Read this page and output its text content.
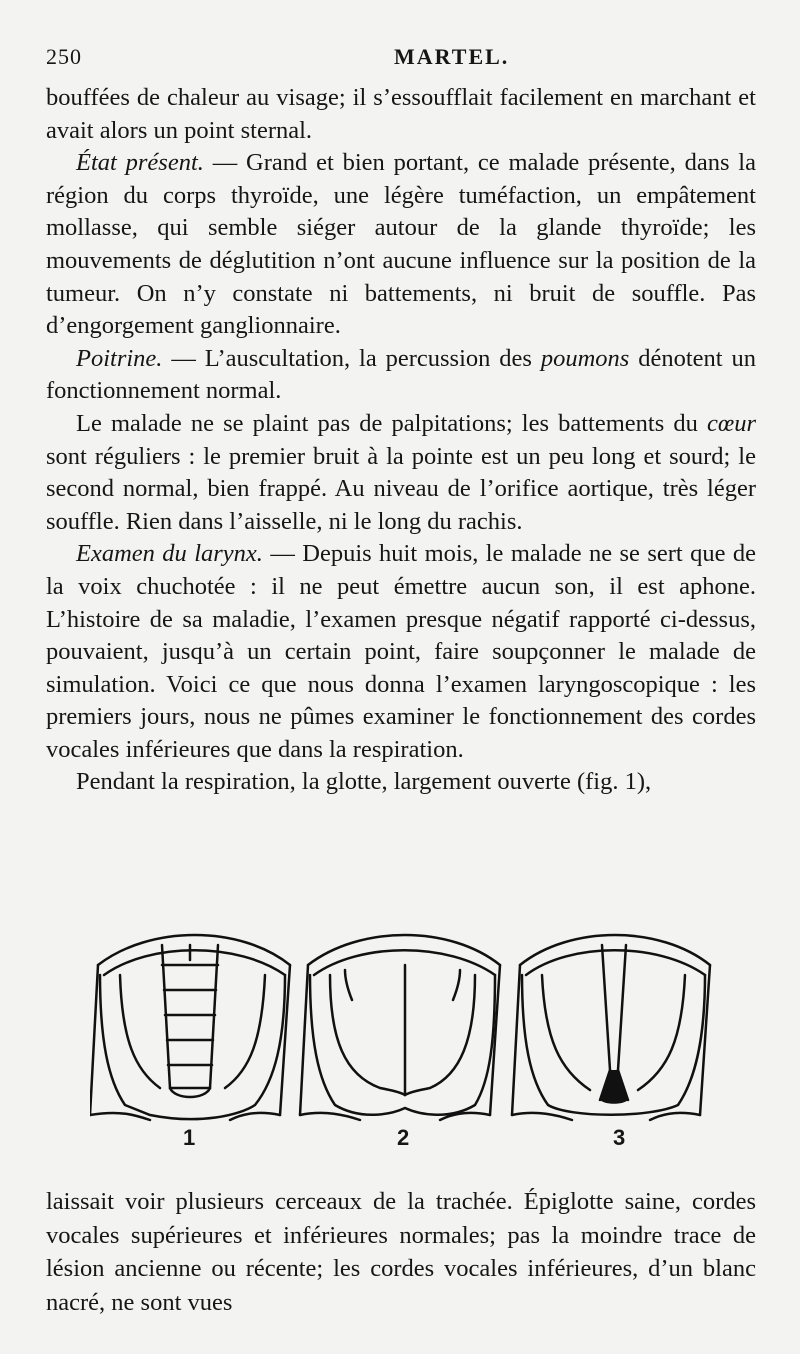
250	MARTEL.

bouffées de chaleur au visage; il s’essoufflait facilement en marchant et avait alors un point sternal.

État présent. — Grand et bien portant, ce malade présente, dans la région du corps thyroïde, une légère tuméfaction, un empâtement mollasse, qui semble siéger autour de la glande thyroïde; les mouvements de déglutition n’ont aucune influence sur la position de la tumeur. On n’y constate ni battements, ni bruit de souffle. Pas d’engorgement ganglionnaire.

Poitrine. — L’auscultation, la percussion des poumons dénotent un fonctionnement normal.

Le malade ne se plaint pas de palpitations; les battements du cœur sont réguliers : le premier bruit à la pointe est un peu long et sourd; le second normal, bien frappé. Au niveau de l’orifice aortique, très léger souffle. Rien dans l’aisselle, ni le long du rachis.

Examen du larynx. — Depuis huit mois, le malade ne se sert que de la voix chuchotée : il ne peut émettre aucun son, il est aphone. L’histoire de sa maladie, l’examen presque négatif rapporté ci-dessus, pouvaient, jusqu’à un certain point, faire soupçonner le malade de simulation. Voici ce que nous donna l’examen laryngoscopique : les premiers jours, nous ne pûmes examiner le fonctionnement des cordes vocales inférieures que dans la respiration.

Pendant la respiration, la glotte, largement ouverte (fig. 1),

1	2	3

laissait voir plusieurs cerceaux de la trachée. Épiglotte saine, cordes vocales supérieures et inférieures normales; pas la moindre trace de lésion ancienne ou récente; les cordes vocales inférieures, d’un blanc nacré, ne sont vues
